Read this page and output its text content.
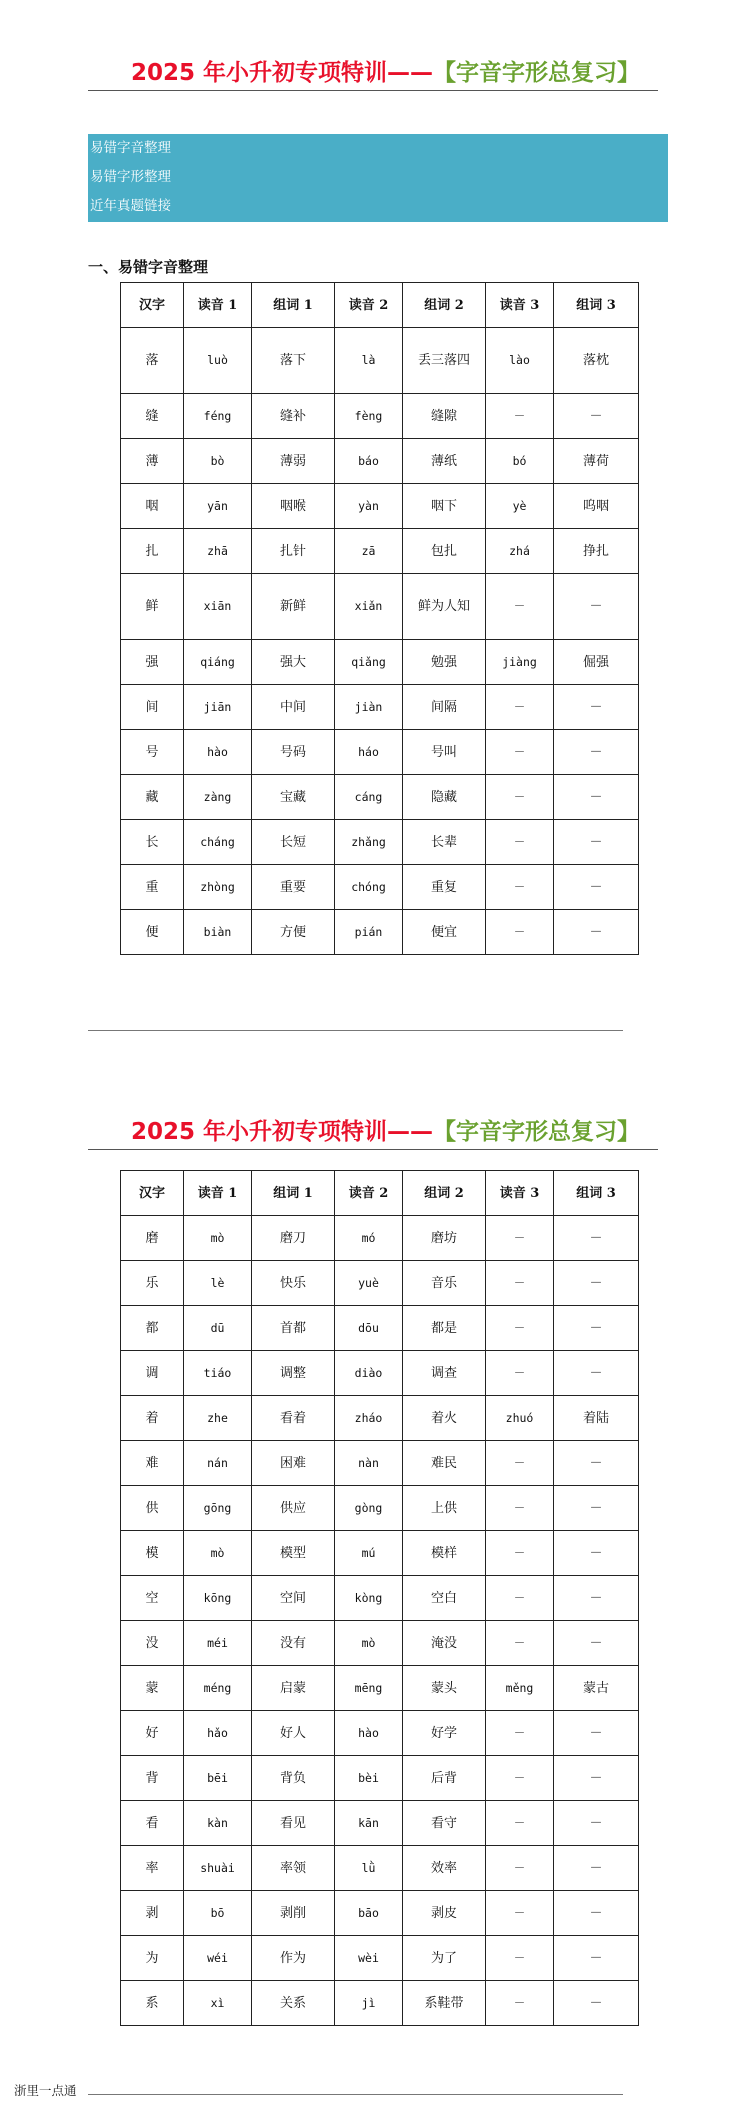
2025 年小升初专项特训——【字音字形总复习】
易错字音整理
易错字形整理
近年真题链接
一、易错字音整理
汉字	读音 1	组词 1	读音 2	组词 2	读音 3	组词 3
落	luò	落下	là	丢三落四	lào	落枕
缝	féng	缝补	fèng	缝隙	－	－
薄	bò	薄弱	báo	薄纸	bó	薄荷
咽	yān	咽喉	yàn	咽下	yè	呜咽
扎	zhā	扎针	zā	包扎	zhá	挣扎
鲜	xiān	新鲜	xiǎn	鲜为人知	－	－
强	qiáng	强大	qiǎng	勉强	jiàng	倔强
间	jiān	中间	jiàn	间隔	－	－
号	hào	号码	háo	号叫	－	－
藏	zàng	宝藏	cáng	隐藏	－	－
长	cháng	长短	zhǎng	长辈	－	－
重	zhòng	重要	chóng	重复	－	－
便	biàn	方便	pián	便宜	－	－
2025 年小升初专项特训——【字音字形总复习】
汉字	读音 1	组词 1	读音 2	组词 2	读音 3	组词 3
磨	mò	磨刀	mó	磨坊	－	－
乐	lè	快乐	yuè	音乐	－	－
都	dū	首都	dōu	都是	－	－
调	tiáo	调整	diào	调查	－	－
着	zhe	看着	zháo	着火	zhuó	着陆
难	nán	困难	nàn	难民	－	－
供	gōng	供应	gòng	上供	－	－
模	mò	模型	mú	模样	－	－
空	kōng	空间	kòng	空白	－	－
没	méi	没有	mò	淹没	－	－
蒙	méng	启蒙	mēng	蒙头	měng	蒙古
好	hǎo	好人	hào	好学	－	－
背	bēi	背负	bèi	后背	－	－
看	kàn	看见	kān	看守	－	－
率	shuài	率领	lǜ	效率	－	－
剥	bō	剥削	bāo	剥皮	－	－
为	wéi	作为	wèi	为了	－	－
系	xì	关系	jì	系鞋带	－	－
浙里一点通
